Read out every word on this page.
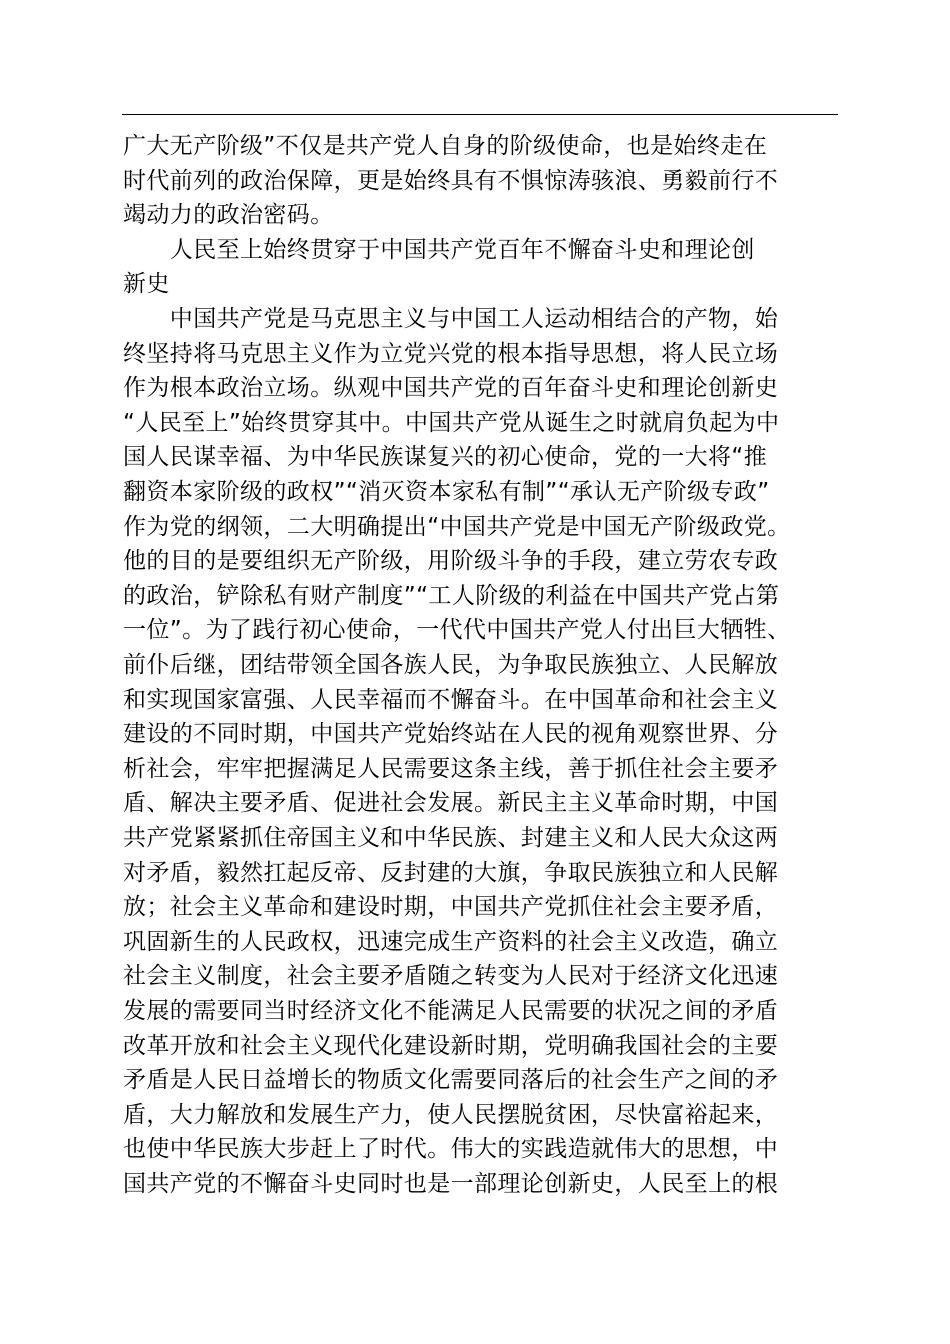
广大无产阶级”不仅是共产党人自身的阶级使命，也是始终走在
时代前列的政治保障，更是始终具有不惧惊涛骇浪、勇毅前行不
竭动力的政治密码。
　　人民至上始终贯穿于中国共产党百年不懈奋斗史和理论创
新史
　　中国共产党是马克思主义与中国工人运动相结合的产物，始
终坚持将马克思主义作为立党兴党的根本指导思想，将人民立场
作为根本政治立场。纵观中国共产党的百年奋斗史和理论创新史
“人民至上”始终贯穿其中。中国共产党从诞生之时就肩负起为中
国人民谋幸福、为中华民族谋复兴的初心使命，党的一大将“推
翻资本家阶级的政权”“消灭资本家私有制”“承认无产阶级专政”
作为党的纲领，二大明确提出“中国共产党是中国无产阶级政党。
他的目的是要组织无产阶级，用阶级斗争的手段，建立劳农专政
的政治，铲除私有财产制度”“工人阶级的利益在中国共产党占第
一位”。为了践行初心使命，一代代中国共产党人付出巨大牺牲、
前仆后继，团结带领全国各族人民，为争取民族独立、人民解放
和实现国家富强、人民幸福而不懈奋斗。在中国革命和社会主义
建设的不同时期，中国共产党始终站在人民的视角观察世界、分
析社会，牢牢把握满足人民需要这条主线，善于抓住社会主要矛
盾、解决主要矛盾、促进社会发展。新民主主义革命时期，中国
共产党紧紧抓住帝国主义和中华民族、封建主义和人民大众这两
对矛盾，毅然扛起反帝、反封建的大旗，争取民族独立和人民解
放；社会主义革命和建设时期，中国共产党抓住社会主要矛盾，
巩固新生的人民政权，迅速完成生产资料的社会主义改造，确立
社会主义制度，社会主要矛盾随之转变为人民对于经济文化迅速
发展的需要同当时经济文化不能满足人民需要的状况之间的矛盾
改革开放和社会主义现代化建设新时期，党明确我国社会的主要
矛盾是人民日益增长的物质文化需要同落后的社会生产之间的矛
盾，大力解放和发展生产力，使人民摆脱贫困，尽快富裕起来，
也使中华民族大步赶上了时代。伟大的实践造就伟大的思想，中
国共产党的不懈奋斗史同时也是一部理论创新史，人民至上的根
